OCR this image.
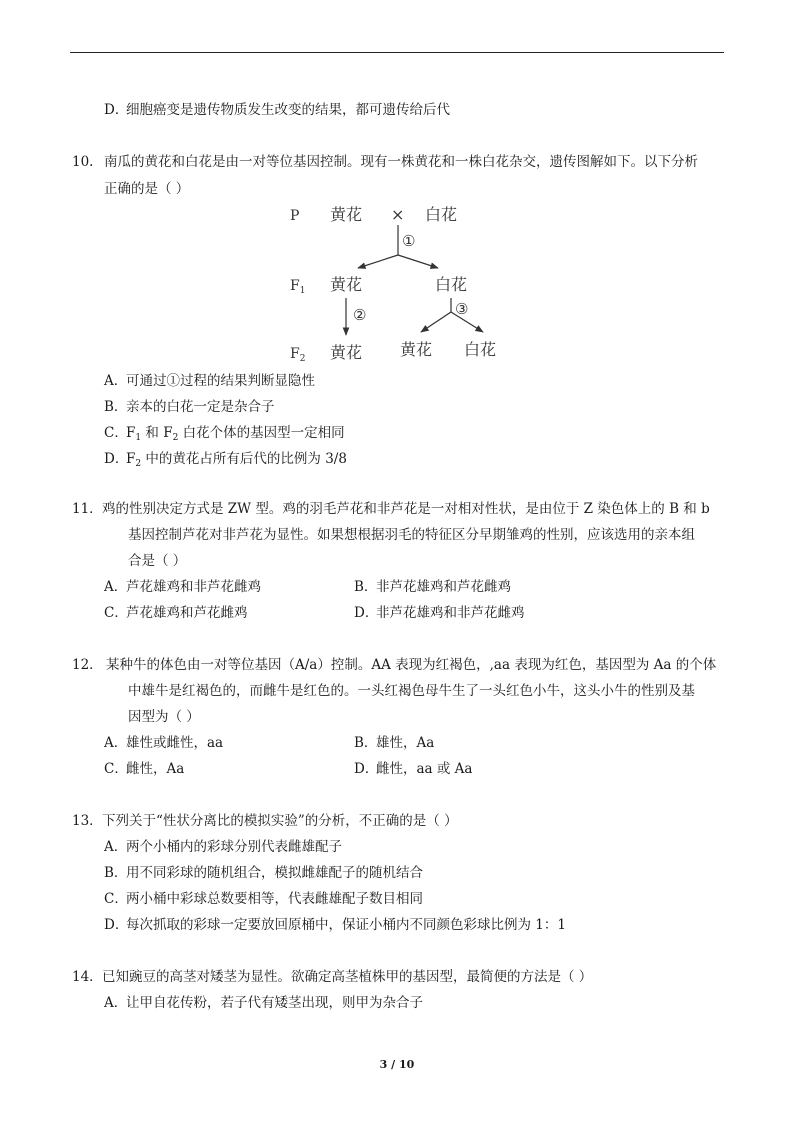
D．细胞癌变是遗传物质发生改变的结果，都可遗传给后代
10. 南瓜的黄花和白花是由一对等位基因控制。现有一株黄花和一株白花杂交，遗传图解如下。以下分析
正确的是（ ）
P 黄花 × 白花
①
$F_1$ 黄花	白花
②	③
$F_2$ 黄花 黄花 白花
A．可通过①过程的结果判断显隐性
B．亲本的白花一定是杂合子
C．$F_1$ 和 $F_2$ 白花个体的基因型一定相同
D．$F_2$ 中的黄花占所有后代的比例为 3/8
11．鸡的性别决定方式是 ZW 型。鸡的羽毛芦花和非芦花是一对相对性状，是由位于 Z 染色体上的 B 和 b
基因控制芦花对非芦花为显性。如果想根据羽毛的特征区分早期雏鸡的性别，应该选用的亲本组
合是（ ）
A．芦花雄鸡和非芦花雌鸡	B．非芦花雄鸡和芦花雌鸡
C．芦花雄鸡和芦花雌鸡	D．非芦花雄鸡和非芦花雌鸡
12． 某种牛的体色由一对等位基因（A/a）控制。AA 表现为红褐色，,aa 表现为红色，基因型为 Aa 的个体
中雄牛是红褐色的，而雌牛是红色的。一头红褐色母牛生了一头红色小牛，这头小牛的性别及基
因型为（ ）
A．雄性或雌性，aa	B．雄性，Aa
C．雌性，Aa	D．雌性，aa 或 Aa
13．下列关于“性状分离比的模拟实验”的分析，不正确的是（ ）
A．两个小桶内的彩球分别代表雌雄配子
B．用不同彩球的随机组合，模拟雌雄配子的随机结合
C．两小桶中彩球总数要相等，代表雌雄配子数目相同
D．每次抓取的彩球一定要放回原桶中，保证小桶内不同颜色彩球比例为 1：1
14．已知豌豆的高茎对矮茎为显性。欲确定高茎植株甲的基因型，最简便的方法是（ ）
A．让甲自花传粉，若子代有矮茎出现，则甲为杂合子
3 / 10
